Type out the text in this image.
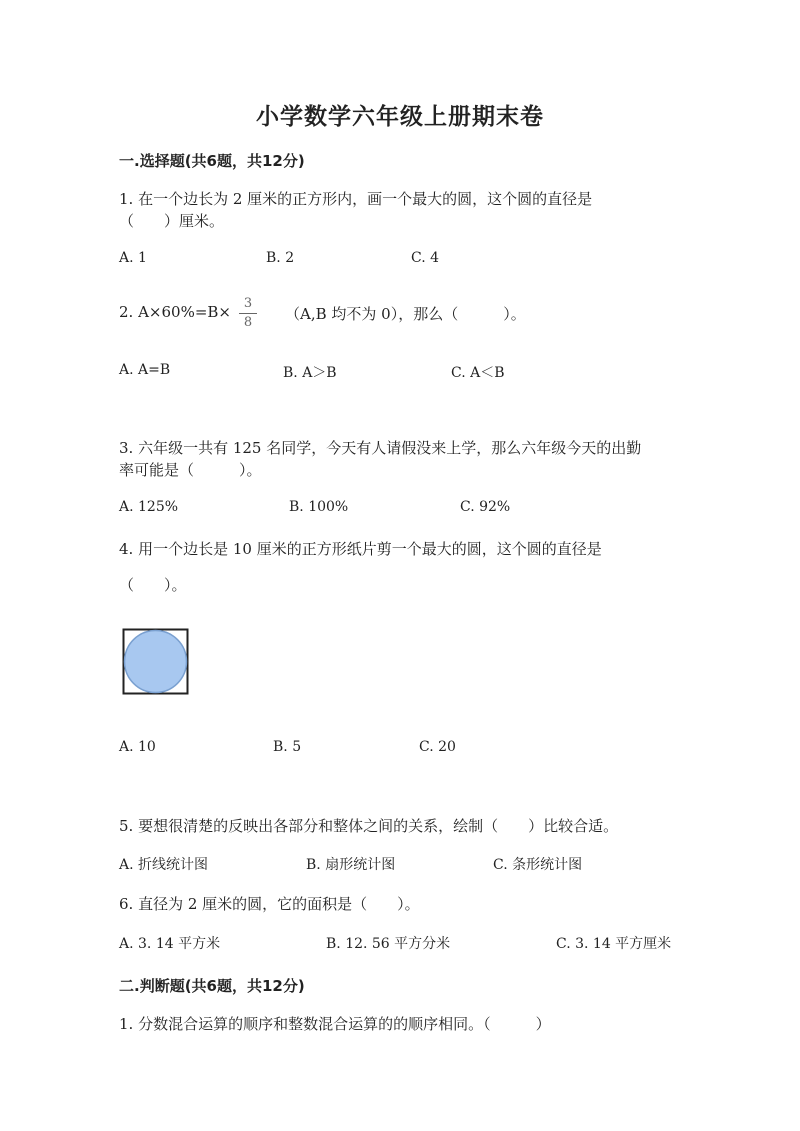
小学数学六年级上册期末卷
一.选择题(共6题，共12分)
1. 在一个边长为 2 厘米的正方形内，画一个最大的圆，这个圆的直径是
（　　）厘米。
A. 1	B. 2	C. 4
2. A×60%=B× 3
8	（A,B 均不为 0），那么（　　　）。
A. A=B	B. A＞B	C. A＜B
3. 六年级一共有 125 名同学，今天有人请假没来上学，那么六年级今天的出勤
率可能是（　　　）。
A. 125%	B. 100%	C. 92%
4. 用一个边长是 10 厘米的正方形纸片剪一个最大的圆，这个圆的直径是
（　　）。
A. 10	B. 5	C. 20
5. 要想很清楚的反映出各部分和整体之间的关系，绘制（　　）比较合适。
A. 折线统计图	B. 扇形统计图	C. 条形统计图
6. 直径为 2 厘米的圆，它的面积是（　　）。
A. 3. 14 平方米	B. 12. 56 平方分米	C. 3. 14 平方厘米
二.判断题(共6题，共12分)
1. 分数混合运算的顺序和整数混合运算的的顺序相同。（　　　）
